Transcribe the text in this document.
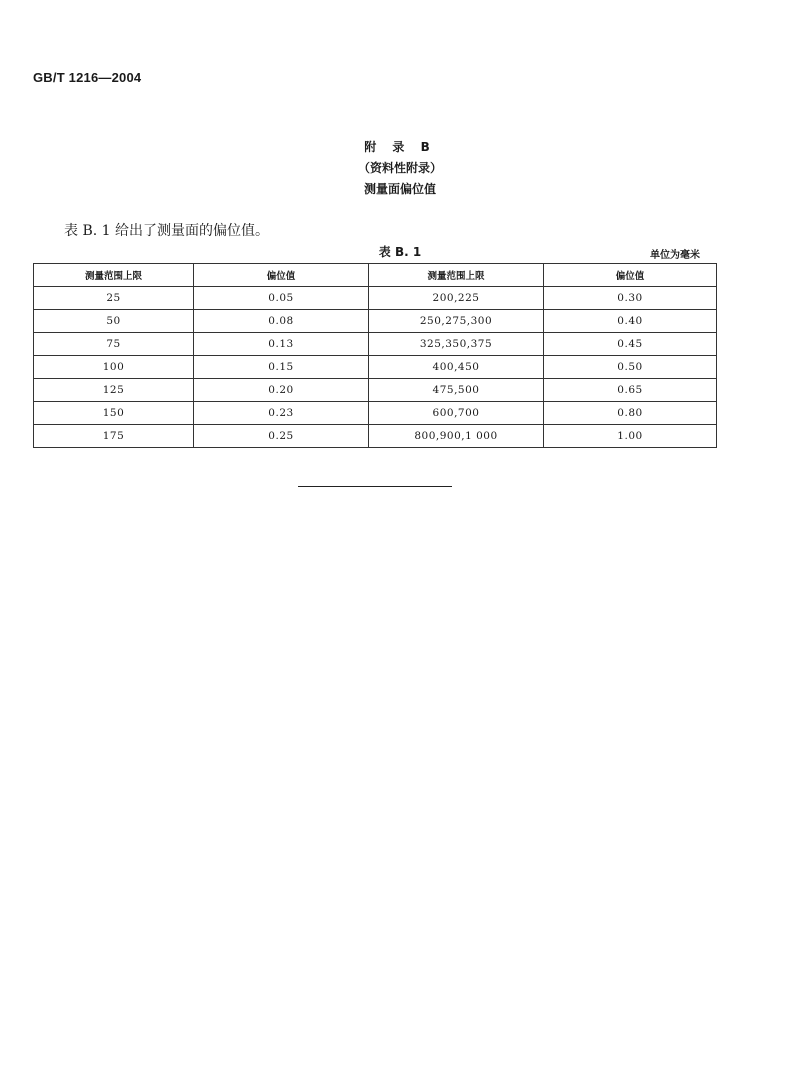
GB/T 1216—2004
附 录 B
（资料性附录）
测量面偏位值
表 B. 1 给出了测量面的偏位值。
表 B. 1	单位为毫米
测量范围上限	偏位值	测量范围上限	偏位值
25	0.05	200,225	0.30
50	0.08	250,275,300	0.40
75	0.13	325,350,375	0.45
100	0.15	400,450	0.50
125	0.20	475,500	0.65
150	0.23	600,700	0.80
175	0.25	800,900,1 000	1.00
